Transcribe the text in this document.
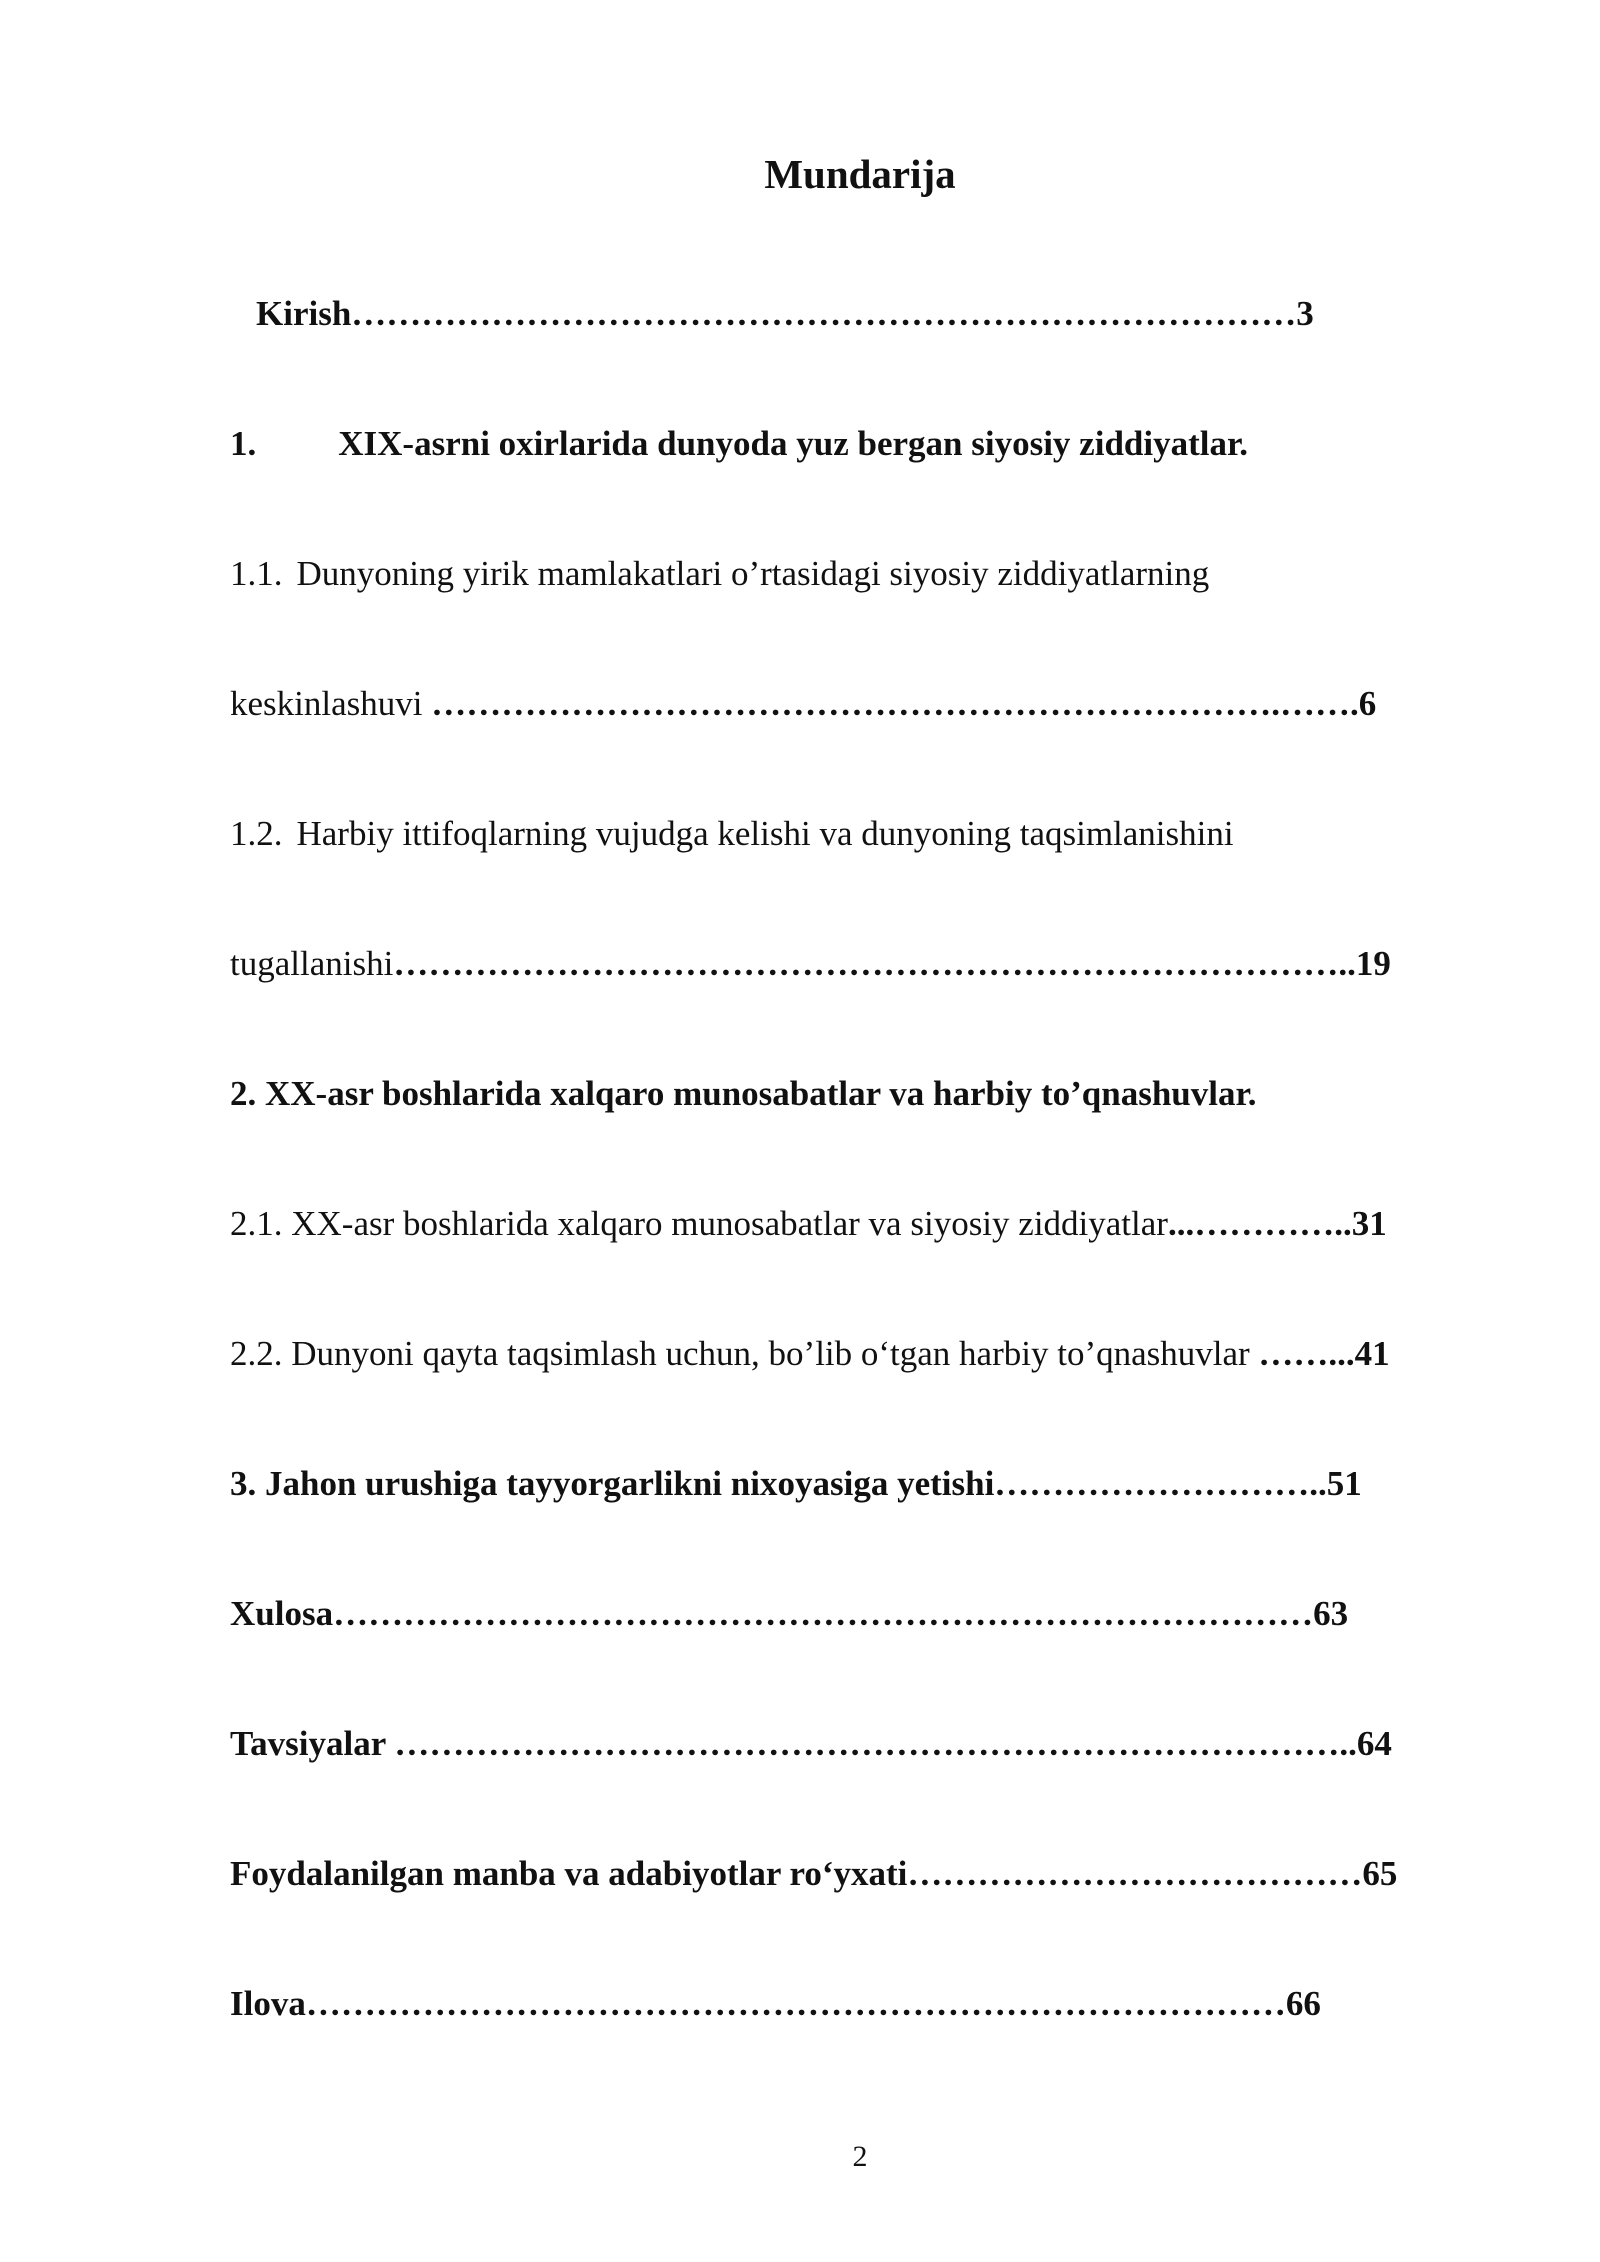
Mundarija
Kirish………………………………………………………………………3
1. XIX-asrni oxirlarida dunyoda yuz bergan siyosiy ziddiyatlar.
1.1. Dunyoning yirik mamlakatlari o’rtasidagi siyosiy ziddiyatlarning
keskinlashuvi ……………………………………………………………….…….6
1.2. Harbiy ittifoqlarning vujudga kelishi va dunyoning taqsimlanishini
tugallanishi………………………………………………………………………..19
2. XX-asr boshlarida xalqaro munosabatlar va harbiy to’qnashuvlar.
2.1. XX-asr boshlarida xalqaro munosabatlar va siyosiy ziddiyatlar...…………..31
2.2. Dunyoni qayta taqsimlash uchun, bo’lib o‘tgan harbiy to’qnashuvlar ……...41
3. Jahon urushiga tayyorgarlikni nixoyasiga yetishi………………………..51
Xulosa…………………………………………………………………………63
Tavsiyalar ………………………………………………………………………..64
Foydalanilgan manba va adabiyotlar ro‘yxati…………………………………65
Ilova…………………………………………………………………………66
2
